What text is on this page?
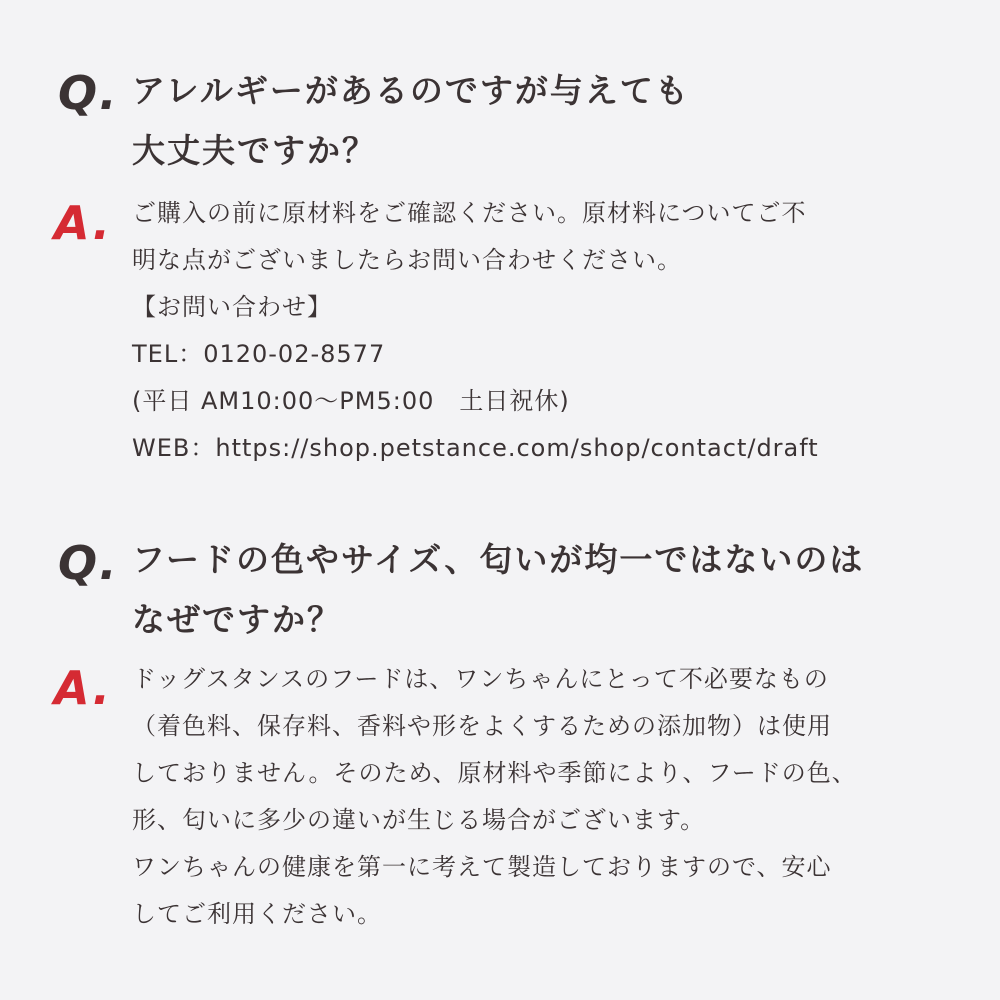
Q. アレルギーがあるのですが与えても
大丈夫ですか？
A. ご購入の前に原材料をご確認ください。原材料についてご不
明な点がございましたらお問い合わせください。
【お問い合わせ】
TEL：0120-02-8577
(平日 AM10:00～PM5:00　土日祝休)
WEB：https://shop.petstance.com/shop/contact/draft
Q. フードの色やサイズ、匂いが均一ではないのは
なぜですか？
A. ドッグスタンスのフードは、ワンちゃんにとって不必要なもの
（着色料、保存料、香料や形をよくするための添加物）は使用
しておりません。そのため、原材料や季節により、フードの色、
形、匂いに多少の違いが生じる場合がございます。
ワンちゃんの健康を第一に考えて製造しておりますので、安心
してご利用ください。
